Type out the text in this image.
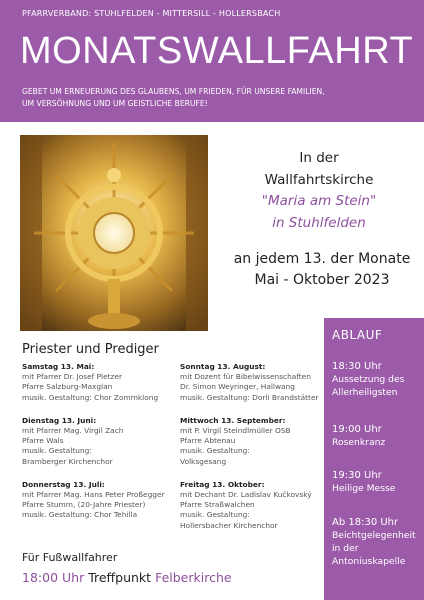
PFARRVERBAND: STUHLFELDEN - MITTERSILL - HOLLERSBACH
MONATSWALLFAHRT
GEBET UM ERNEUERUNG DES GLAUBENS, UM FRIEDEN, FÜR UNSERE FAMILIEN,
UM VERSÖHNUNG UND UM GEISTLICHE BERUFE!
In der
Wallfahrtskirche
"Maria am Stein"
in Stuhlfelden
an jedem 13. der Monate
Mai - Oktober 2023
Priester und Prediger
Samstag 13. Mai:
mit Pfarrer Dr. Josef Pletzer
Pfarre Salzburg-Maxglan
musik. Gestaltung: Chor Zommklong
Dienstag 13. Juni:
mit Pfarrer Mag. Virgil Zach
Pfarre Wals
musik. Gestaltung:
Bramberger Kirchenchor
Donnerstag 13. Juli:
mit Pfarrer Mag. Hans Peter Proßegger
Pfarre Stumm, (20-Jahre Priester)
musik. Gestaltung: Chor Tehilla
Sonntag 13. August:
mit Dozent für Bibelwissenschaften
Dr. Simon Weyringer, Hallwang
musik. Gestaltung: Dorli Brandstätter
Mittwoch 13. September:
mit P. Virgil Steindlmüller OSB
Pfarre Abtenau
musik. Gestaltung:
Volksgesang
Freitag 13. Oktober:
mit Dechant Dr. Ladislav Kučkovský
Pfarre Straßwalchen
musik. Gestaltung:
Hollersbacher Kirchenchor
Für Fußwallfahrer
18:00 Uhr Treffpunkt Felberkirche
ABLAUF
18:30 Uhr
Aussetzung des Allerheiligsten
19:00 Uhr
Rosenkranz
19:30 Uhr
Heilige Messe
Ab 18:30 Uhr
Beichtgelegenheit in der Antoniuskapelle
